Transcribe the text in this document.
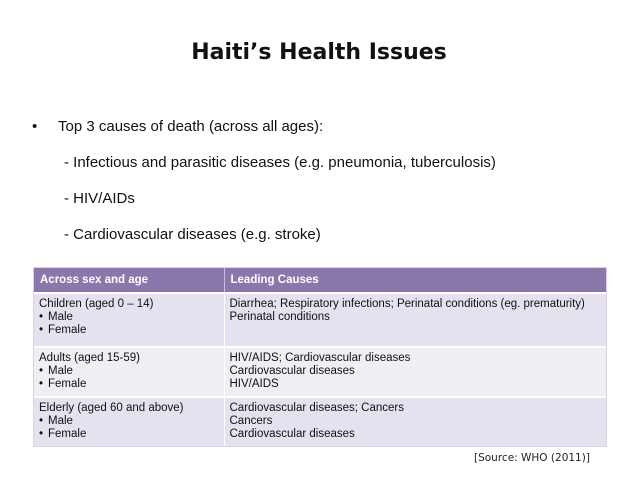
Haiti’s Health Issues
•	Top 3 causes of death (across all ages):
- Infectious and parasitic diseases (e.g. pneumonia, tuberculosis)
- HIV/AIDs
- Cardiovascular diseases (e.g. stroke)
Across sex and age	Leading Causes

Children (aged 0 – 14)
• Male
• Female	Diarrhea; Respiratory infections; Perinatal conditions (eg. prematurity)
Perinatal conditions

Adults (aged 15-59)
• Male
• Female	HIV/AIDS; Cardiovascular diseases
Cardiovascular diseases
HIV/AIDS

Elderly (aged 60 and above)
• Male
• Female	Cardiovascular diseases; Cancers
Cancers
Cardiovascular diseases
[Source: WHO (2011)]
